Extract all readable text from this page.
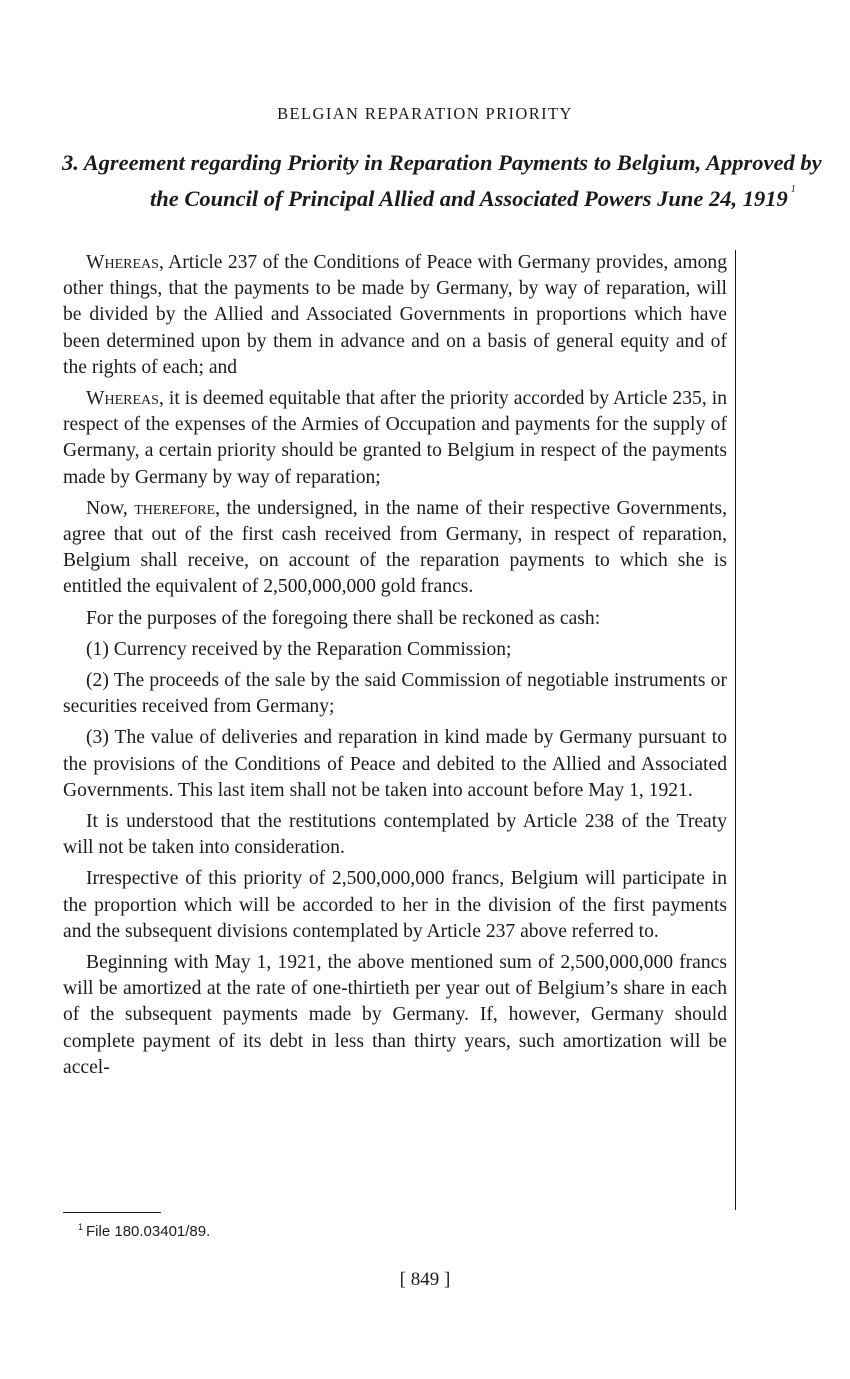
BELGIAN REPARATION PRIORITY
3. Agreement regarding Priority in Reparation Payments to Belgium, Approved by the Council of Principal Allied and Associated Powers June 24, 1919 $^1$

Whereas, Article 237 of the Conditions of Peace with Germany provides, among other things, that the payments to be made by Germany, by way of reparation, will be divided by the Allied and Associated Governments in proportions which have been determined upon by them in advance and on a basis of general equity and of the rights of each; and

Whereas, it is deemed equitable that after the priority accorded by Article 235, in respect of the expenses of the Armies of Occupation and payments for the supply of Germany, a certain priority should be granted to Belgium in respect of the payments made by Germany by way of reparation;

Now, therefore, the undersigned, in the name of their respective Governments, agree that out of the first cash received from Germany, in respect of reparation, Belgium shall receive, on account of the reparation payments to which she is entitled the equivalent of 2,500,000,000 gold francs.

For the purposes of the foregoing there shall be reckoned as cash:

(1) Currency received by the Reparation Commission;

(2) The proceeds of the sale by the said Commission of negotiable instruments or securities received from Germany;

(3) The value of deliveries and reparation in kind made by Germany pursuant to the provisions of the Conditions of Peace and debited to the Allied and Associated Governments. This last item shall not be taken into account before May 1, 1921.

It is understood that the restitutions contemplated by Article 238 of the Treaty will not be taken into consideration.

Irrespective of this priority of 2,500,000,000 francs, Belgium will participate in the proportion which will be accorded to her in the division of the first payments and the subsequent divisions contemplated by Article 237 above referred to.

Beginning with May 1, 1921, the above mentioned sum of 2,500,000,000 francs will be amortized at the rate of one-thirtieth per year out of Belgium’s share in each of the subsequent payments made by Germany. If, however, Germany should complete payment of its debt in less than thirty years, such amortization will be accel-

$^1$ File 180.03401/89.
[ 849 ]
